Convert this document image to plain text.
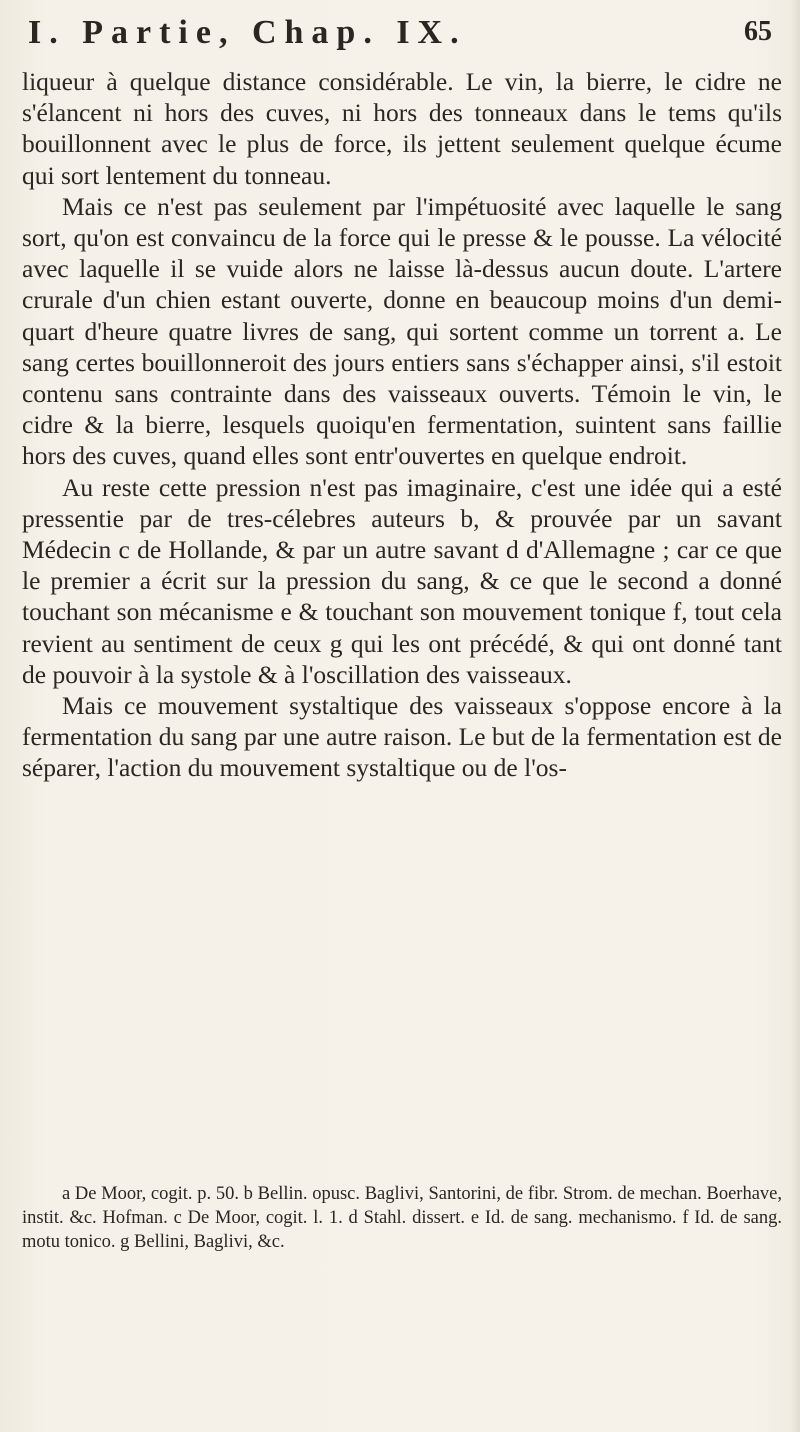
I. Partie, Chap. IX.	65

liqueur à quelque distance considérable. Le vin, la bierre, le cidre ne s'élancent ni hors des cuves, ni hors des tonneaux dans le tems qu'ils bouillonnent avec le plus de force, ils jettent seulement quelque écume qui sort lentement du tonneau.

Mais ce n'est pas seulement par l'impétuosité avec laquelle le sang sort, qu'on est convaincu de la force qui le presse & le pousse. La vélocité avec laquelle il se vuide alors ne laisse là-dessus aucun doute. L'artere crurale d'un chien estant ouverte, donne en beaucoup moins d'un demi-quart d'heure quatre livres de sang, qui sortent comme un torrent a. Le sang certes bouillonneroit des jours entiers sans s'échapper ainsi, s'il estoit contenu sans contrainte dans des vaisseaux ouverts. Témoin le vin, le cidre & la bierre, lesquels quoiqu'en fermentation, suintent sans faillie hors des cuves, quand elles sont entr'ouvertes en quelque endroit.

Au reste cette pression n'est pas imaginaire, c'est une idée qui a esté pressentie par de tres-célebres auteurs b, & prouvée par un savant Médecin c de Hollande, & par un autre savant d d'Allemagne ; car ce que le premier a écrit sur la pression du sang, & ce que le second a donné touchant son mécanisme e & touchant son mouvement tonique f, tout cela revient au sentiment de ceux g qui les ont précédé, & qui ont donné tant de pouvoir à la systole & à l'oscillation des vaisseaux.

Mais ce mouvement systaltique des vaisseaux s'oppose encore à la fermentation du sang par une autre raison. Le but de la fermentation est de séparer, l'action du mouvement systaltique ou de l'os-

a De Moor, cogit. p. 50. b Bellin. opusc. Baglivi, Santorini, de fibr. Strom. de mechan. Boerhave, instit. &c. Hofman. c De Moor, cogit. l. 1. d Stahl. dissert. e Id. de sang. mechanismo. f Id. de sang. motu tonico. g Bellini, Baglivi, &c.
